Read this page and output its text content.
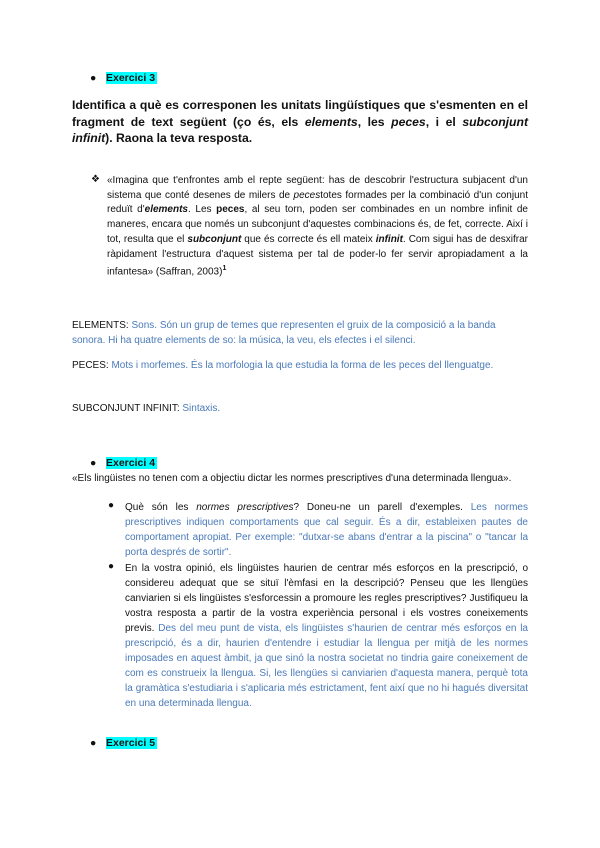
● Exercici 3
Identifica a què es corresponen les unitats lingüístiques que s'esmenten en el fragment de text següent (ço és, els elements, les peces, i el subconjunt infinit). Raona la teva resposta.
❖ «Imagina que t'enfrontes amb el repte següent: has de descobrir l'estructura subjacent d'un sistema que conté desenes de milers de pecestotes formades per la combinació d'un conjunt reduït d'elements. Les peces, al seu torn, poden ser combinades en un nombre infinit de maneres, encara que només un subconjunt d'aquestes combinacions és, de fet, correcte. Així i tot, resulta que el subconjunt que és correcte és ell mateix infinit. Com sigui has de desxifrar ràpidament l'estructura d'aquest sistema per tal de poder-lo fer servir apropiadament a la infantesa» (Saffran, 2003)$^1$
ELEMENTS: Sons. Són un grup de temes que representen el gruix de la composició a la banda sonora. Hi ha quatre elements de so: la música, la veu, els efectes i el silenci.
PECES: Mots i morfemes. És la morfologia la que estudia la forma de les peces del llenguatge.
SUBCONJUNT INFINIT: Sintaxis.
● Exercici 4
«Els lingüistes no tenen com a objectiu dictar les normes prescriptives d'una determinada llengua».
● Què són les normes prescriptives? Doneu-ne un parell d'exemples. Les normes prescriptives indiquen comportaments que cal seguir. És a dir, estableixen pautes de comportament apropiat. Per exemple: "dutxar-se abans d'entrar a la piscina" o "tancar la porta després de sortir".
● En la vostra opinió, els lingüistes haurien de centrar més esforços en la prescripció, o considereu adequat que se situï l'èmfasi en la descripció? Penseu que les llengües canviarien si els lingüistes s'esforcessin a promoure les regles prescriptives? Justifiqueu la vostra resposta a partir de la vostra experiència personal i els vostres coneixements previs. Des del meu punt de vista, els lingüistes s'haurien de centrar més esforços en la prescripció, és a dir, haurien d'entendre i estudiar la llengua per mitjà de les normes imposades en aquest àmbit, ja que sinó la nostra societat no tindria gaire coneixement de com es construeix la llengua. Si, les llengües si canviarien d'aquesta manera, perquè tota la gramàtica s'estudiaria i s'aplicaria més estrictament, fent així que no hi hagués diversitat en una determinada llengua.
● Exercici 5
